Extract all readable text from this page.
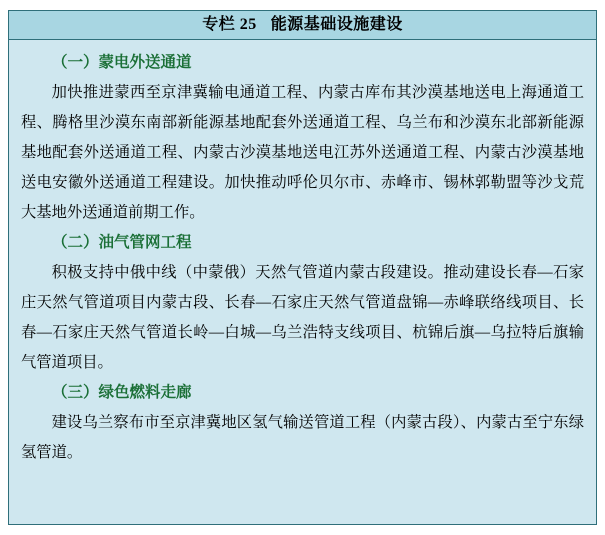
专栏 25 能源基础设施建设
（一）蒙电外送通道

加快推进蒙西至京津冀输电通道工程、内蒙古库布其沙漠基地送电上海通道工程、腾格里沙漠东南部新能源基地配套外送通道工程、乌兰布和沙漠东北部新能源基地配套外送通道工程、内蒙古沙漠基地送电江苏外送通道工程、内蒙古沙漠基地送电安徽外送通道工程建设。加快推动呼伦贝尔市、赤峰市、锡林郭勒盟等沙戈荒大基地外送通道前期工作。

（二）油气管网工程

积极支持中俄中线（中蒙俄）天然气管道内蒙古段建设。推动建设长春—石家庄天然气管道项目内蒙古段、长春—石家庄天然气管道盘锦—赤峰联络线项目、长春—石家庄天然气管道长岭—白城—乌兰浩特支线项目、杭锦后旗—乌拉特后旗输气管道项目。

（三）绿色燃料走廊

建设乌兰察布市至京津冀地区氢气输送管道工程（内蒙古段）、内蒙古至宁东绿氢管道。
